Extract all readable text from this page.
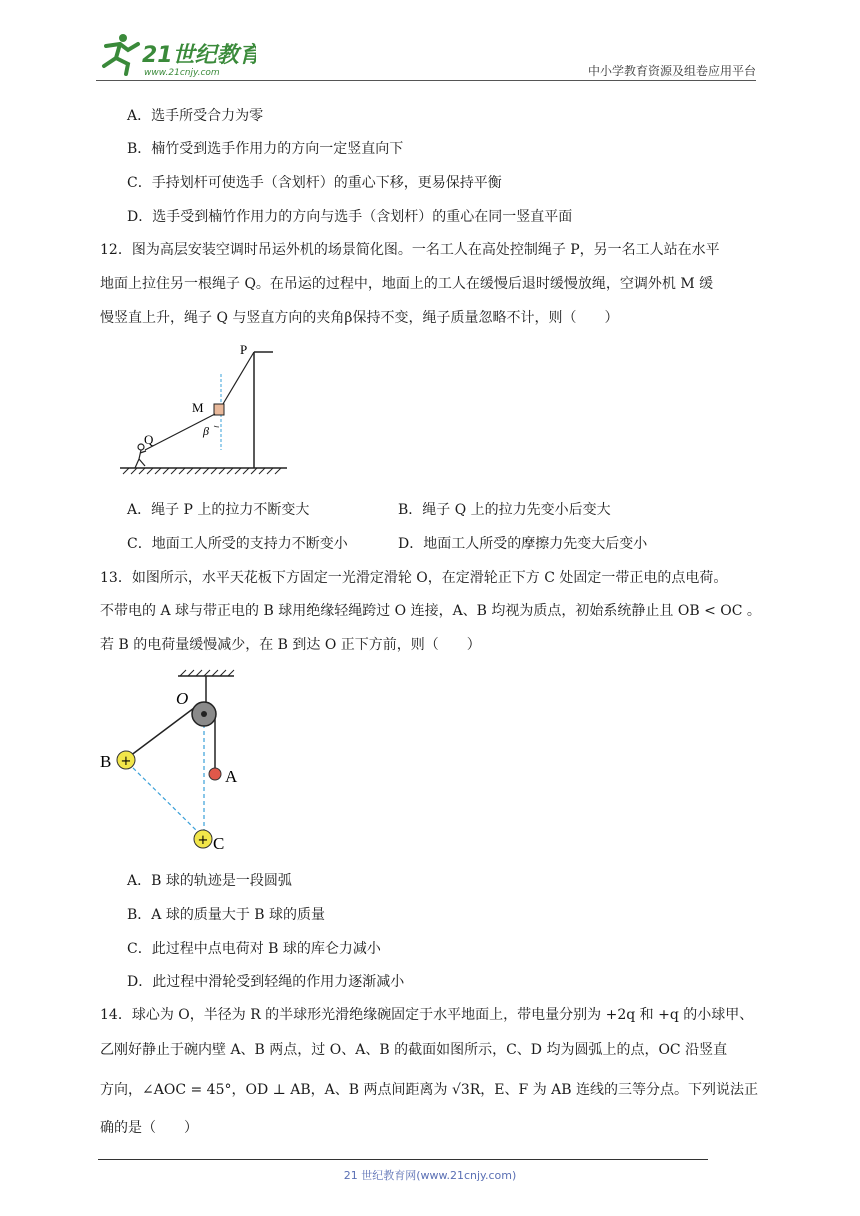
21世纪教育
www.21cnjy.com	中小学教育资源及组卷应用平台
A．选手所受合力为零
B．楠竹受到选手作用力的方向一定竖直向下
C．手持划杆可使选手（含划杆）的重心下移，更易保持平衡
D．选手受到楠竹作用力的方向与选手（含划杆）的重心在同一竖直平面
12．图为高层安装空调时吊运外机的场景简化图。一名工人在高处控制绳子 P，另一名工人站在水平
地面上拉住另一根绳子 Q。在吊运的过程中，地面上的工人在缓慢后退时缓慢放绳，空调外机 M 缓
慢竖直上升，绳子 Q 与竖直方向的夹角β保持不变，绳子质量忽略不计，则（　　）
P
M
Q
β
A．绳子 P 上的拉力不断变大	B．绳子 Q 上的拉力先变小后变大
C．地面工人所受的支持力不断变小	D．地面工人所受的摩擦力先变大后变小
13．如图所示，水平天花板下方固定一光滑定滑轮 O，在定滑轮正下方 C 处固定一带正电的点电荷。
不带电的 A 球与带正电的 B 球用绝缘轻绳跨过 O 连接，A、B 均视为质点，初始系统静止且 OB < OC 。
若 B 的电荷量缓慢减少，在 B 到达 O 正下方前，则（　　）
+
+
O
A
B
C
A．B 球的轨迹是一段圆弧
B．A 球的质量大于 B 球的质量
C．此过程中点电荷对 B 球的库仑力减小
D．此过程中滑轮受到轻绳的作用力逐渐减小
14．球心为 O，半径为 R 的半球形光滑绝缘碗固定于水平地面上，带电量分别为 +2q 和 +q 的小球甲、
乙刚好静止于碗内壁 A、B 两点，过 O、A、B 的截面如图所示，C、D 均为圆弧上的点，OC 沿竖直
方向，∠AOC = 45°，OD ⊥ AB，A、B 两点间距离为 √3R，E、F 为 AB 连线的三等分点。下列说法正
确的是（　　）
21 世纪教育网(www.21cnjy.com)
